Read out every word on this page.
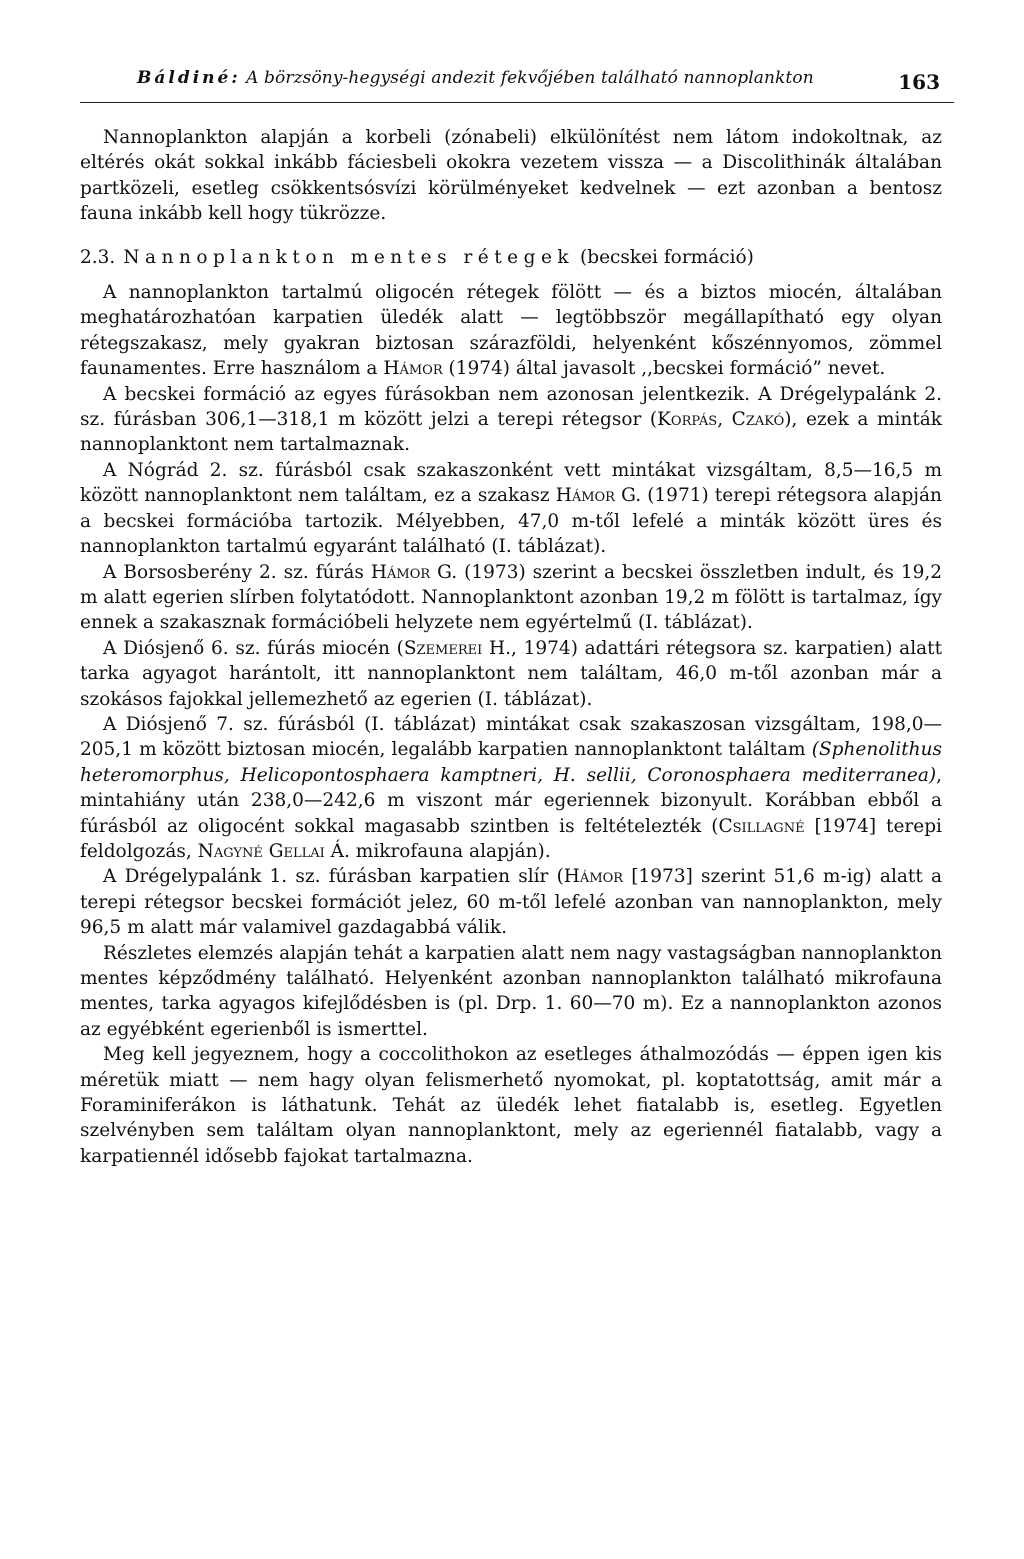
Báldiné: A börzsöny-hegységi andezit fekvőjében található nannoplankton	163

Nannoplankton alapján a korbeli (zónabeli) elkülönítést nem látom indokoltnak, az eltérés okát sokkal inkább fáciesbeli okokra vezetem vissza — a Discolithinák általában partközeli, esetleg csökkentsósvízi körülményeket kedvelnek — ezt azonban a bentosz fauna inkább kell hogy tükrözze.

2.3. Nannoplankton mentes rétegek (becskei formáció)

A nannoplankton tartalmú oligocén rétegek fölött — és a biztos miocén, általában meghatározhatóan karpatien üledék alatt — legtöbbször megállapítható egy olyan rétegszakasz, mely gyakran biztosan szárazföldi, helyenként kőszénnyomos, zömmel faunamentes. Erre használom a Hámor (1974) által javasolt ,,becskei formáció” nevet.

A becskei formáció az egyes fúrásokban nem azonosan jelentkezik. A Drégelypalánk 2. sz. fúrásban 306,1—318,1 m között jelzi a terepi rétegsor (Korpás, Czakó), ezek a minták nannoplanktont nem tartalmaznak.

A Nógrád 2. sz. fúrásból csak szakaszonként vett mintákat vizsgáltam, 8,5—16,5 m között nannoplanktont nem találtam, ez a szakasz Hámor G. (1971) terepi rétegsora alapján a becskei formációba tartozik. Mélyebben, 47,0 m-től lefelé a minták között üres és nannoplankton tartalmú egyaránt található (I. táblázat).

A Borsosberény 2. sz. fúrás Hámor G. (1973) szerint a becskei összletben indult, és 19,2 m alatt egerien slírben folytatódott. Nannoplanktont azonban 19,2 m fölött is tartalmaz, így ennek a szakasznak formációbeli helyzete nem egyértelmű (I. táblázat).

A Diósjenő 6. sz. fúrás miocén (Szemerei H., 1974) adattári rétegsora sz. karpatien) alatt tarka agyagot harántolt, itt nannoplanktont nem találtam, 46,0 m-től azonban már a szokásos fajokkal jellemezhető az egerien (I. táblázat).

A Diósjenő 7. sz. fúrásból (I. táblázat) mintákat csak szakaszosan vizsgáltam, 198,0—205,1 m között biztosan miocén, legalább karpatien nannoplanktont találtam (Sphenolithus heteromorphus, Helicopontosphaera kamptneri, H. sellii, Coronosphaera mediterranea), mintahiány után 238,0—242,6 m viszont már egeriennek bizonyult. Korábban ebből a fúrásból az oligocént sokkal magasabb szintben is feltételezték (Csillagné [1974] terepi feldolgozás, Nagyné Gellai Á. mikrofauna alapján).

A Drégelypalánk 1. sz. fúrásban karpatien slír (Hámor [1973] szerint 51,6 m-ig) alatt a terepi rétegsor becskei formációt jelez, 60 m-től lefelé azonban van nannoplankton, mely 96,5 m alatt már valamivel gazdagabbá válik.

Részletes elemzés alapján tehát a karpatien alatt nem nagy vastagságban nannoplankton mentes képződmény található. Helyenként azonban nannoplankton található mikrofauna mentes, tarka agyagos kifejlődésben is (pl. Drp. 1. 60—70 m). Ez a nannoplankton azonos az egyébként egerienből is ismerttel.

Meg kell jegyeznem, hogy a coccolithokon az esetleges áthalmozódás — éppen igen kis méretük miatt — nem hagy olyan felismerhető nyomokat, pl. koptatottság, amit már a Foraminiferákon is láthatunk. Tehát az üledék lehet fiatalabb is, esetleg. Egyetlen szelvényben sem találtam olyan nannoplanktont, mely az egeriennél fiatalabb, vagy a karpatiennél idősebb fajokat tartalmazna.
